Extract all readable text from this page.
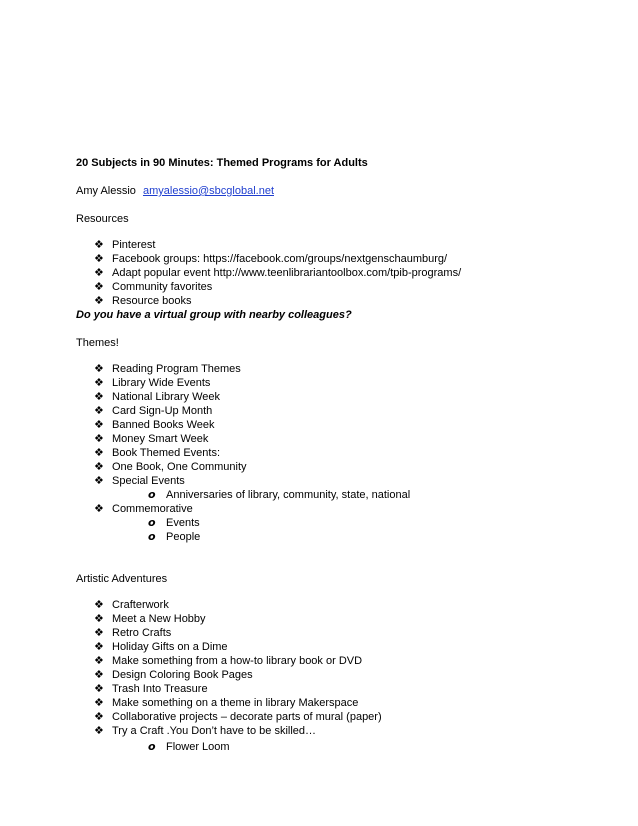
20 Subjects in 90 Minutes: Themed Programs for Adults
Amy Alessio amyalessio@sbcglobal.net
Resources
❖ Pinterest
❖ Facebook groups: https://facebook.com/groups/nextgenschaumburg/
❖ Adapt popular event http://www.teenlibrariantoolbox.com/tpib-programs/
❖ Community favorites
❖ Resource books
Do you have a virtual group with nearby colleagues?
Themes!
❖ Reading Program Themes
❖ Library Wide Events
❖ National Library Week
❖ Card Sign-Up Month
❖ Banned Books Week
❖ Money Smart Week
❖ Book Themed Events:
❖ One Book, One Community
❖ Special Events
o Anniversaries of library, community, state, national
❖ Commemorative
o Events
o People
Artistic Adventures
❖ Crafterwork
❖ Meet a New Hobby
❖ Retro Crafts
❖ Holiday Gifts on a Dime
❖ Make something from a how-to library book or DVD
❖ Design Coloring Book Pages
❖ Trash Into Treasure
❖ Make something on a theme in library Makerspace
❖ Collaborative projects – decorate parts of mural (paper)
❖ Try a Craft .You Don’t have to be skilled…
o Flower Loom
